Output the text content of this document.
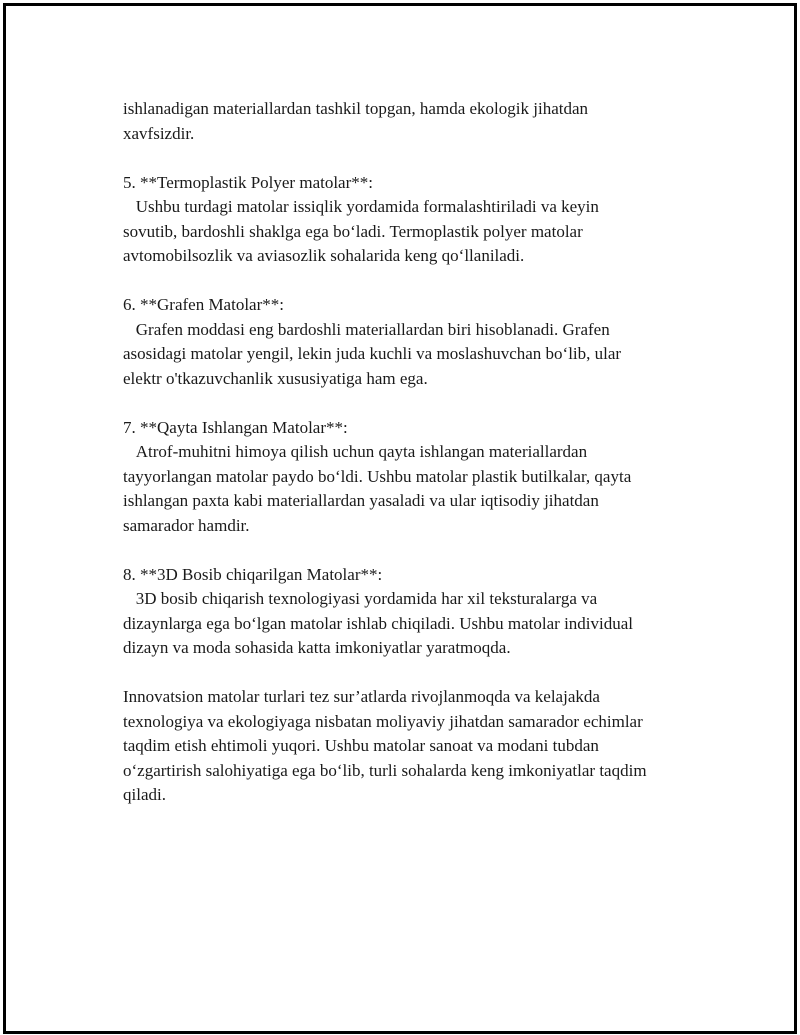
ishlanadigan materiallardan tashkil topgan, hamda ekologik jihatdan
xavfsizdir.

5. **Termoplastik Polyer matolar**:
Ushbu turdagi matolar issiqlik yordamida formalashtiriladi va keyin
sovutib, bardoshli shaklga ega bo‘ladi. Termoplastik polyer matolar
avtomobilsozlik va aviasozlik sohalarida keng qo‘llaniladi.

6. **Grafen Matolar**:
Grafen moddasi eng bardoshli materiallardan biri hisoblanadi. Grafen
asosidagi matolar yengil, lekin juda kuchli va moslashuvchan bo‘lib, ular
elektr o'tkazuvchanlik xususiyatiga ham ega.

7. **Qayta Ishlangan Matolar**:
Atrof-muhitni himoya qilish uchun qayta ishlangan materiallardan
tayyorlangan matolar paydo bo‘ldi. Ushbu matolar plastik butilkalar, qayta
ishlangan paxta kabi materiallardan yasaladi va ular iqtisodiy jihatdan
samarador hamdir.

8. **3D Bosib chiqarilgan Matolar**:
3D bosib chiqarish texnologiyasi yordamida har xil teksturalarga va
dizaynlarga ega bo‘lgan matolar ishlab chiqiladi. Ushbu matolar individual
dizayn va moda sohasida katta imkoniyatlar yaratmoqda.

Innovatsion matolar turlari tez sur’atlarda rivojlanmoqda va kelajakda
texnologiya va ekologiyaga nisbatan moliyaviy jihatdan samarador echimlar
taqdim etish ehtimoli yuqori. Ushbu matolar sanoat va modani tubdan
o‘zgartirish salohiyatiga ega bo‘lib, turli sohalarda keng imkoniyatlar taqdim
qiladi.
